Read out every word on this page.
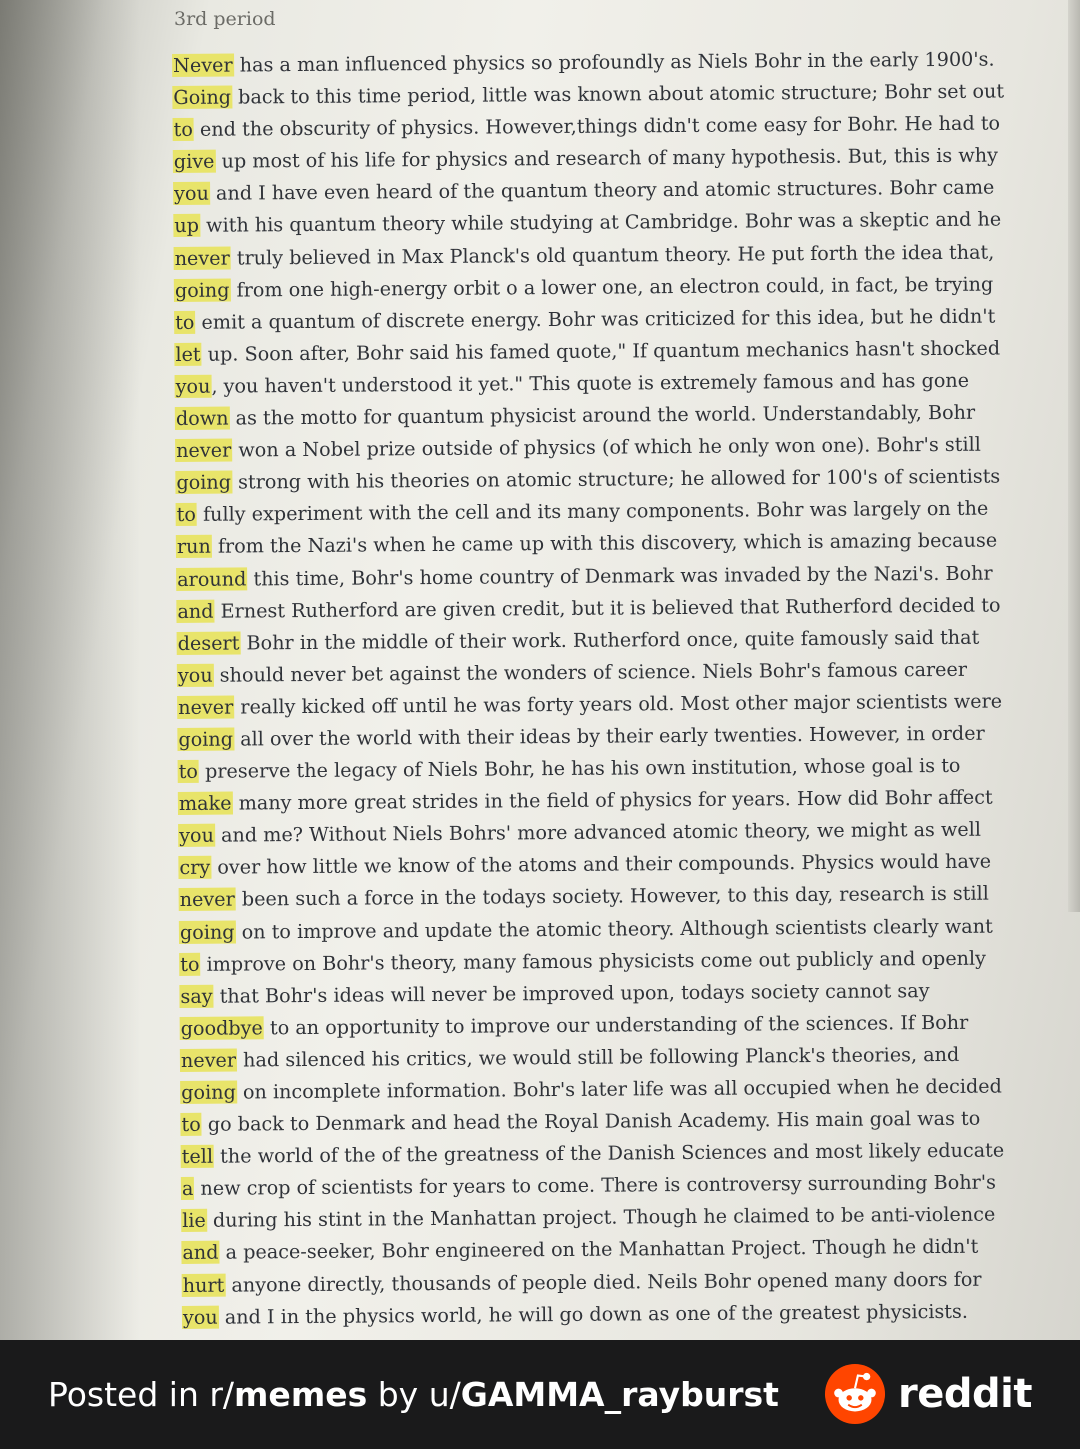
3rd period
Never has a man influenced physics so profoundly as Niels Bohr in the early 1900's.
Going back to this time period, little was known about atomic structure; Bohr set out
to end the obscurity of physics. However,things didn't come easy for Bohr. He had to
give up most of his life for physics and research of many hypothesis. But, this is why
you and I have even heard of the quantum theory and atomic structures. Bohr came
up with his quantum theory while studying at Cambridge. Bohr was a skeptic and he
never truly believed in Max Planck's old quantum theory. He put forth the idea that,
going from one high-energy orbit o a lower one, an electron could, in fact, be trying
to emit a quantum of discrete energy. Bohr was criticized for this idea, but he didn't
let up. Soon after, Bohr said his famed quote," If quantum mechanics hasn't shocked
you, you haven't understood it yet." This quote is extremely famous and has gone
down as the motto for quantum physicist around the world. Understandably, Bohr
never won a Nobel prize outside of physics (of which he only won one). Bohr's still
going strong with his theories on atomic structure; he allowed for 100's of scientists
to fully experiment with the cell and its many components. Bohr was largely on the
run from the Nazi's when he came up with this discovery, which is amazing because
around this time, Bohr's home country of Denmark was invaded by the Nazi's. Bohr
and Ernest Rutherford are given credit, but it is believed that Rutherford decided to
desert Bohr in the middle of their work. Rutherford once, quite famously said that
you should never bet against the wonders of science. Niels Bohr's famous career
never really kicked off until he was forty years old. Most other major scientists were
going all over the world with their ideas by their early twenties. However, in order
to preserve the legacy of Niels Bohr, he has his own institution, whose goal is to
make many more great strides in the field of physics for years. How did Bohr affect
you and me? Without Niels Bohrs' more advanced atomic theory, we might as well
cry over how little we know of the atoms and their compounds. Physics would have
never been such a force in the todays society. However, to this day, research is still
going on to improve and update the atomic theory. Although scientists clearly want
to improve on Bohr's theory, many famous physicists come out publicly and openly
say that Bohr's ideas will never be improved upon, todays society cannot say
goodbye to an opportunity to improve our understanding of the sciences. If Bohr
never had silenced his critics, we would still be following Planck's theories, and
going on incomplete information. Bohr's later life was all occupied when he decided
to go back to Denmark and head the Royal Danish Academy. His main goal was to
tell the world of the of the greatness of the Danish Sciences and most likely educate
a new crop of scientists for years to come. There is controversy surrounding Bohr's
lie during his stint in the Manhattan project. Though he claimed to be anti-violence
and a peace-seeker, Bohr engineered on the Manhattan Project. Though he didn't
hurt anyone directly, thousands of people died. Neils Bohr opened many doors for
you and I in the physics world, he will go down as one of the greatest physicists.
Posted in r/memes by u/GAMMA_rayburst	reddit
